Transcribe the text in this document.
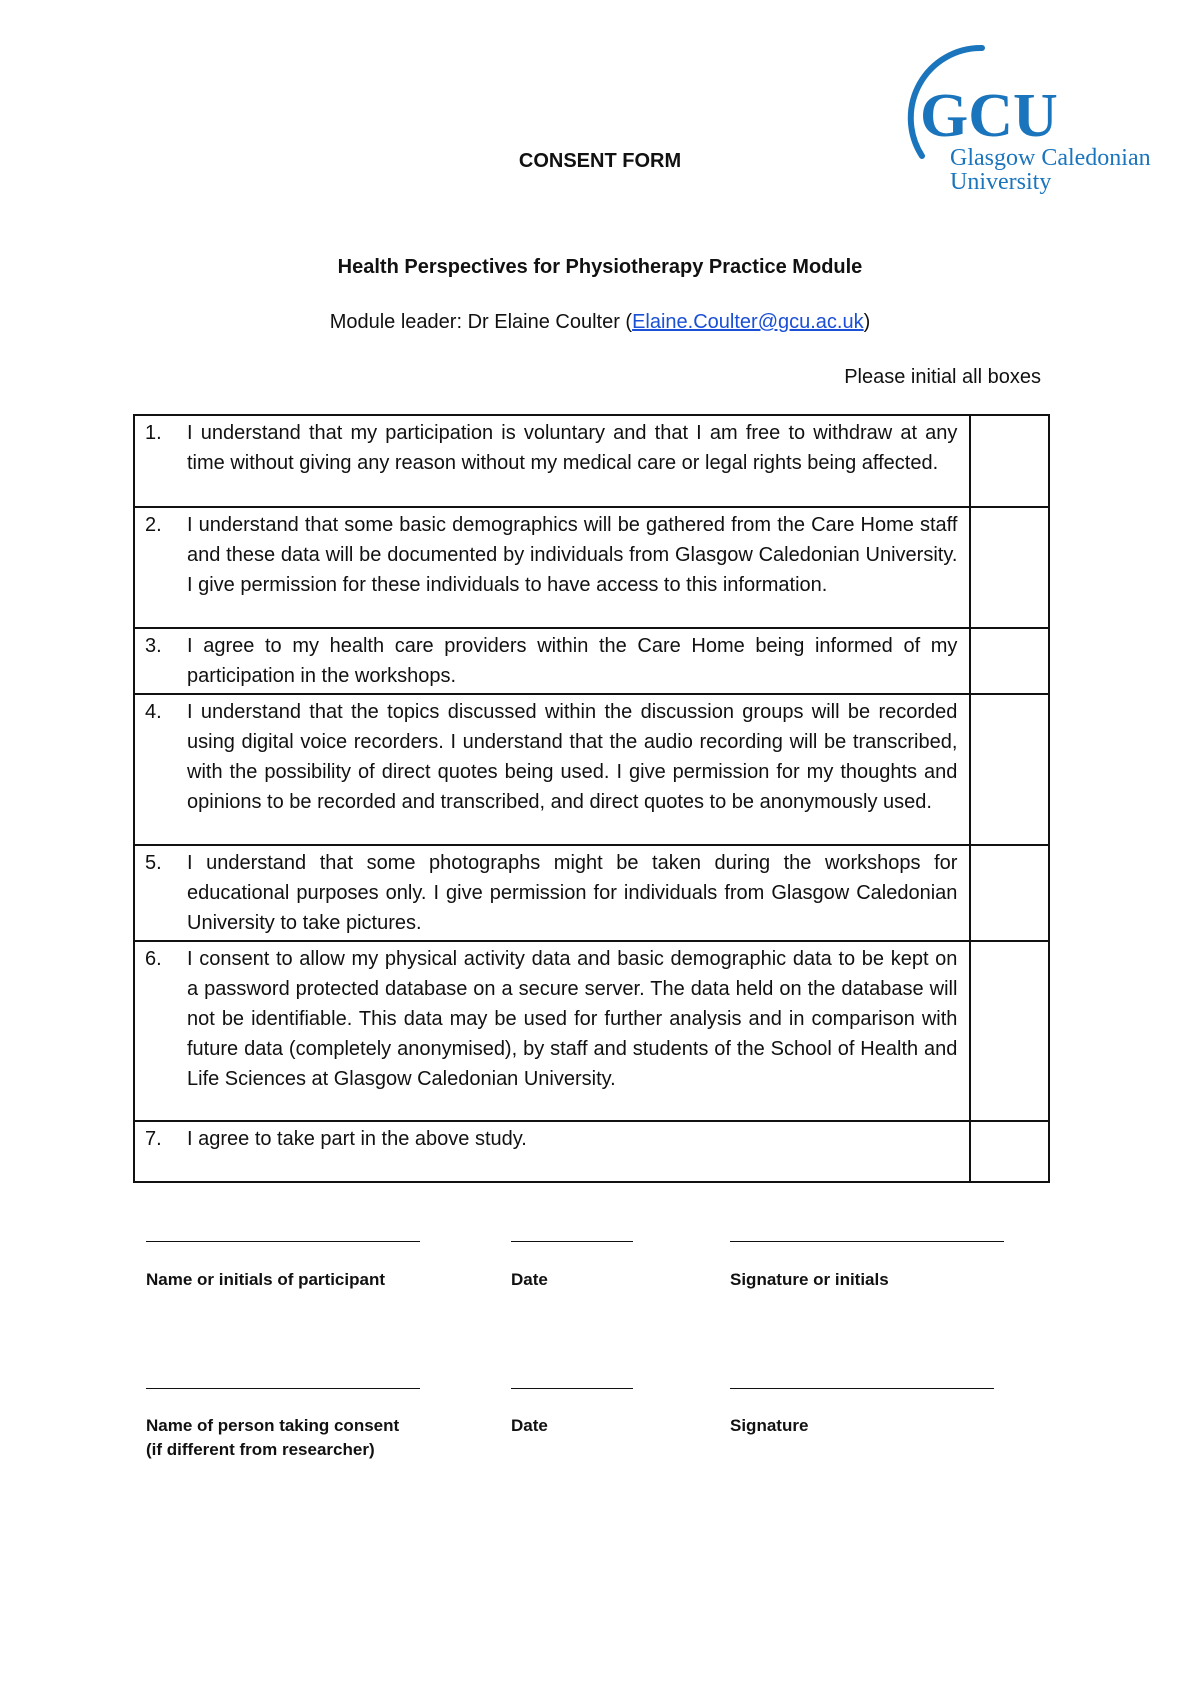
GCU
Glasgow Caledonian
University
CONSENT FORM
Health Perspectives for Physiotherapy Practice Module
Module leader: Dr Elaine Coulter (Elaine.Coulter@gcu.ac.uk)
Please initial all boxes
1. I understand that my participation is voluntary and that I am free to withdraw at any time without giving any reason without my medical care or legal rights being affected.	

2. I understand that some basic demographics will be gathered from the Care Home staff and these data will be documented by individuals from Glasgow Caledonian University. I give permission for these individuals to have access to this information.	

3. I agree to my health care providers within the Care Home being informed of my participation in the workshops.	

4. I understand that the topics discussed within the discussion groups will be recorded using digital voice recorders. I understand that the audio recording will be transcribed, with the possibility of direct quotes being used. I give permission for my thoughts and opinions to be recorded and transcribed, and direct quotes to be anonymously used.	

5. I understand that some photographs might be taken during the workshops for educational purposes only. I give permission for individuals from Glasgow Caledonian University to take pictures.	

6. I consent to allow my physical activity data and basic demographic data to be kept on a password protected database on a secure server. The data held on the database will not be identifiable. This data may be used for further analysis and in comparison with future data (completely anonymised), by staff and students of the School of Health and Life Sciences at Glasgow Caledonian University.	

7. I agree to take part in the above study.	

Name or initials of participant	Date	Signature or initials
Name of person taking consent
(if different from researcher)
Date	Signature
